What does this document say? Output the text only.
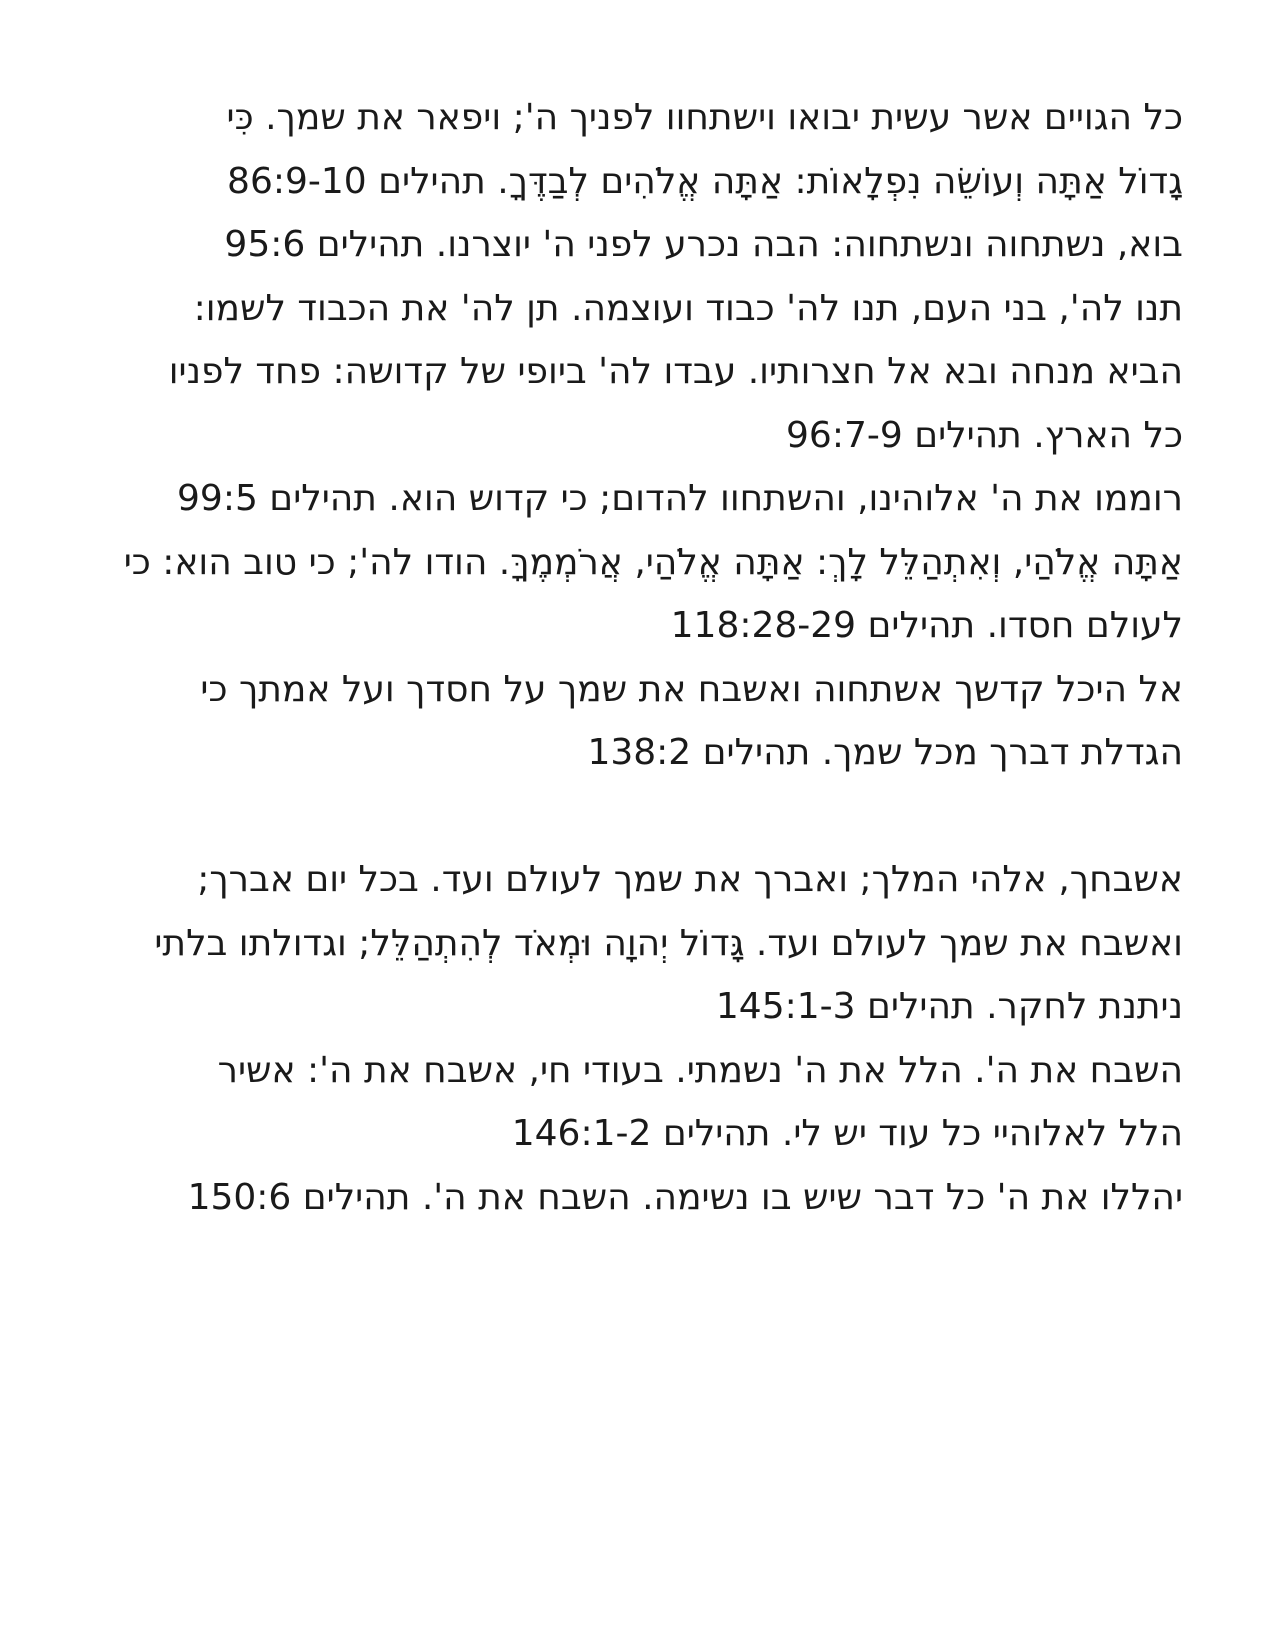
כל הגויים אשר עשית יבואו וישתחוו לפניך ה'; ויפאר את שמך. כִּי
גָדוֹל אַתָּה וְעוֹשֵׂה נִפְלָאוֹת: אַתָּה אֱלֹהִים לְבַדֶּךָ. תהילים 86:9-10
בוא, נשתחוה ונשתחוה: הבה נכרע לפני ה' יוצרנו. תהילים 95:6
תנו לה', בני העם, תנו לה' כבוד ועוצמה. תן לה' את הכבוד לשמו:
הביא מנחה ובא אל חצרותיו. עבדו לה' ביופי של קדושה: פחד לפניו
כל הארץ. תהילים 96:7-9
רוממו את ה' אלוהינו, והשתחוו להדום; כי קדוש הוא. תהילים 99:5
אַתָּה אֱלֹהַי, וְאִתְהַלֵּל לָךְ: אַתָּה אֱלֹהַי, אֲרֹמְמֶךָּ. הודו לה'; כי טוב הוא: כי
לעולם חסדו. תהילים 118:28-29
אל היכל קדשך אשתחוה ואשבח את שמך על חסדך ועל אמתך כי
הגדלת דברך מכל שמך. תהילים 138:2
אשבחך, אלהי המלך; ואברך את שמך לעולם ועד. בכל יום אברך;
ואשבח את שמך לעולם ועד. גָּדוֹל יְהוָה וּמְאֹד לְהִתְהַלֵּל; וגדולתו בלתי
ניתנת לחקר. תהילים 145:1-3
השבח את ה'. הלל את ה' נשמתי. בעודי חי, אשבח את ה': אשיר
הלל לאלוהיי כל עוד יש לי. תהילים 146:1-2
יהללו את ה' כל דבר שיש בו נשימה. השבח את ה'. תהילים 150:6
